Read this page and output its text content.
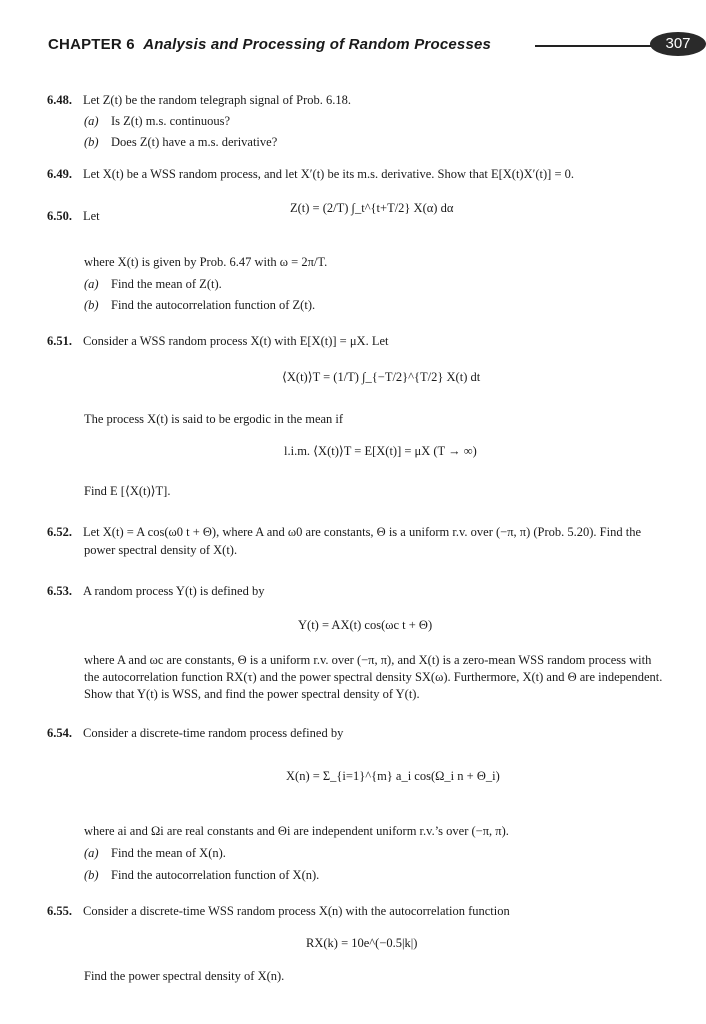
CHAPTER 6 Analysis and Processing of Random Processes	307
6.48. Let Z(t) be the random telegraph signal of Prob. 6.18.
(a) Is Z(t) m.s. continuous?
(b) Does Z(t) have a m.s. derivative?
6.49. Let X(t) be a WSS random process, and let X′(t) be its m.s. derivative. Show that E[X(t)X′(t)] = 0.
6.50. Let
Z(t) = (2/T) ∫_t^{t+T/2} X(α) dα
where X(t) is given by Prob. 6.47 with ω = 2π/T.
(a) Find the mean of Z(t).
(b) Find the autocorrelation function of Z(t).
6.51. Consider a WSS random process X(t) with E[X(t)] = μX. Let
⟨X(t)⟩T = (1/T) ∫_{−T/2}^{T/2} X(t) dt
The process X(t) is said to be ergodic in the mean if
l.i.m. ⟨X(t)⟩T = E[X(t)] = μX (T → ∞)
Find E [⟨X(t)⟩T].
6.52. Let X(t) = A cos(ω0 t + Θ), where A and ω0 are constants, Θ is a uniform r.v. over (−π, π) (Prob. 5.20). Find the
power spectral density of X(t).
6.53. A random process Y(t) is defined by
Y(t) = AX(t) cos(ωc t + Θ)
where A and ωc are constants, Θ is a uniform r.v. over (−π, π), and X(t) is a zero-mean WSS random process with
the autocorrelation function RX(τ) and the power spectral density SX(ω). Furthermore, X(t) and Θ are independent.
Show that Y(t) is WSS, and find the power spectral density of Y(t).
6.54. Consider a discrete-time random process defined by
X(n) = Σ_{i=1}^{m} a_i cos(Ω_i n + Θ_i)
where ai and Ωi are real constants and Θi are independent uniform r.v.’s over (−π, π).
(a) Find the mean of X(n).
(b) Find the autocorrelation function of X(n).
6.55. Consider a discrete-time WSS random process X(n) with the autocorrelation function
RX(k) = 10e^(−0.5|k|)
Find the power spectral density of X(n).
